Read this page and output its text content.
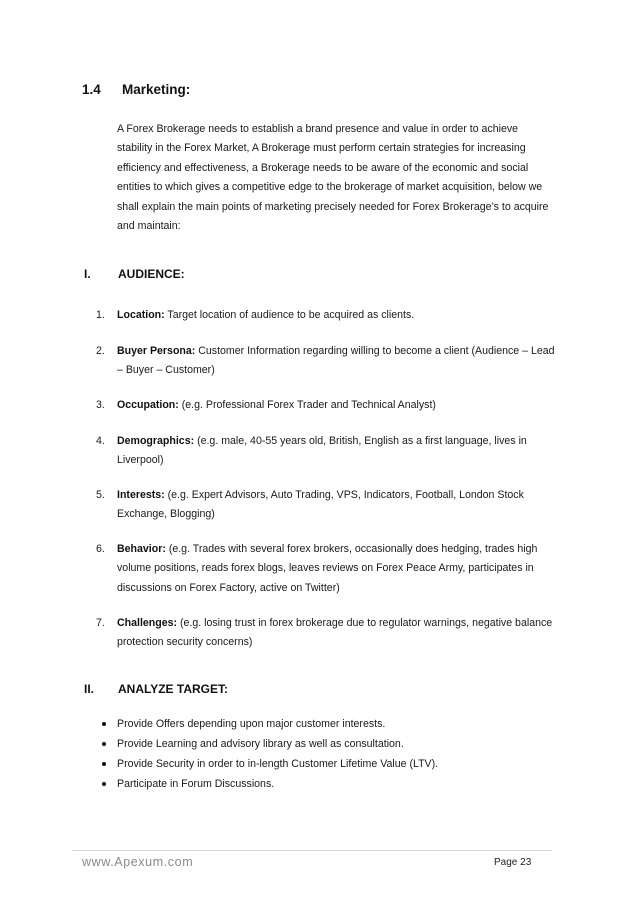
1.4 Marketing:
A Forex Brokerage needs to establish a brand presence and value in order to achieve stability in the Forex Market, A Brokerage must perform certain strategies for increasing efficiency and effectiveness, a Brokerage needs to be aware of the economic and social entities to which gives a competitive edge to the brokerage of market acquisition, below we shall explain the main points of marketing precisely needed for Forex Brokerage’s to acquire and maintain:
I. AUDIENCE:
1.	Location: Target location of audience to be acquired as clients.
2.	Buyer Persona: Customer Information regarding willing to become a client (Audience – Lead – Buyer – Customer)
3.	Occupation: (e.g. Professional Forex Trader and Technical Analyst)
4.	Demographics: (e.g. male, 40-55 years old, British, English as a first language, lives in Liverpool)
5.	Interests: (e.g. Expert Advisors, Auto Trading, VPS, Indicators, Football, London Stock Exchange, Blogging)
6.	Behavior: (e.g. Trades with several forex brokers, occasionally does hedging, trades high volume positions, reads forex blogs, leaves reviews on Forex Peace Army, participates in discussions on Forex Factory, active on Twitter)
7.	Challenges: (e.g. losing trust in forex brokerage due to regulator warnings, negative balance protection security concerns)
II. ANALYZE TARGET:
Provide Offers depending upon major customer interests.
Provide Learning and advisory library as well as consultation.
Provide Security in order to in-length Customer Lifetime Value (LTV).
Participate in Forum Discussions.
www.Apexum.com	Page 23
